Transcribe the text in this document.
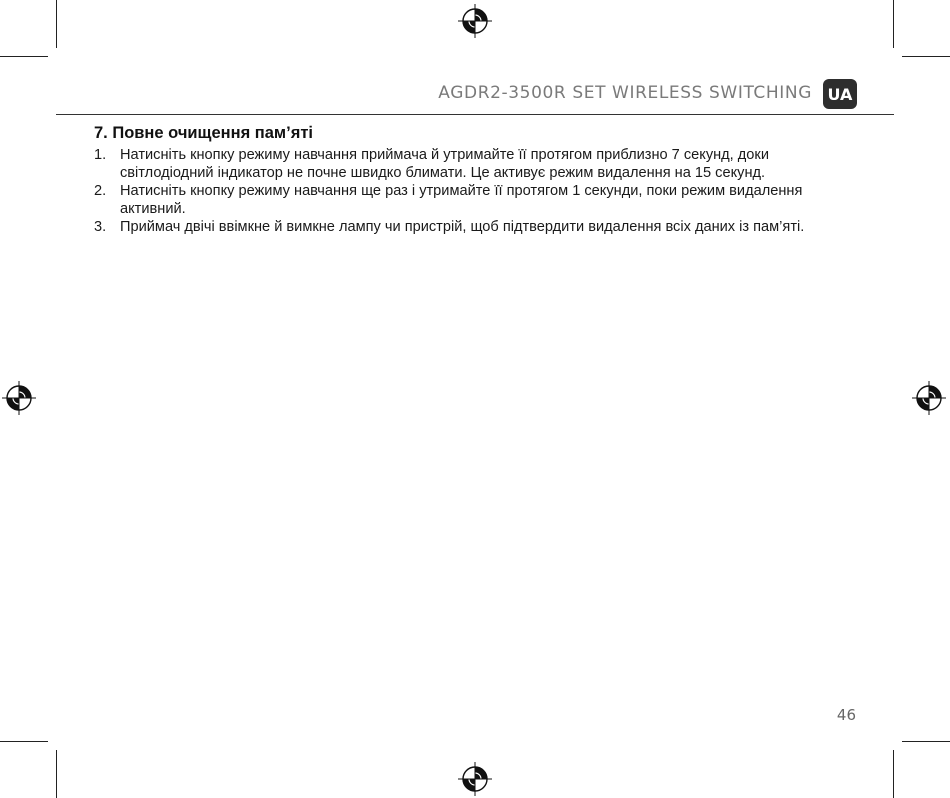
AGDR2-3500R SET WIRELESS SWITCHING UA
7. Повне очищення пам’яті
1. Натисніть кнопку режиму навчання приймача й утримайте її протягом приблизно 7 секунд, доки світлодіодний індикатор не почне швидко блимати. Це активує режим видалення на 15 секунд.
2. Натисніть кнопку режиму навчання ще раз і утримайте її протягом 1 секунди, поки режим видалення активний.
3. Приймач двічі ввімкне й вимкне лампу чи пристрій, щоб підтвердити видалення всіх даних із пам’яті.
46
